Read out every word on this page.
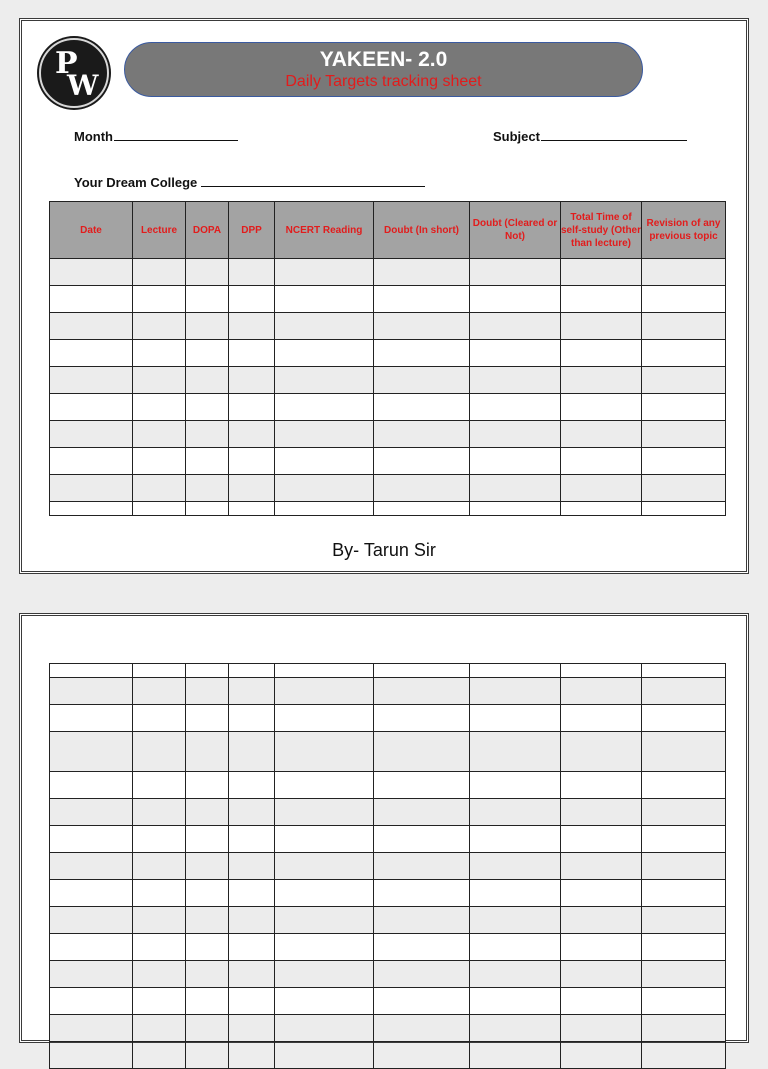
P
W
YAKEEN- 2.0
Daily Targets tracking sheet
Month	Subject
Your Dream College
Date	Lecture	DOPA	DPP	NCERT Reading	Doubt (In short)	Doubt (Cleared or Not)	Total Time of self-study (Other than lecture)	Revision of any previous topic

By- Tarun Sir
